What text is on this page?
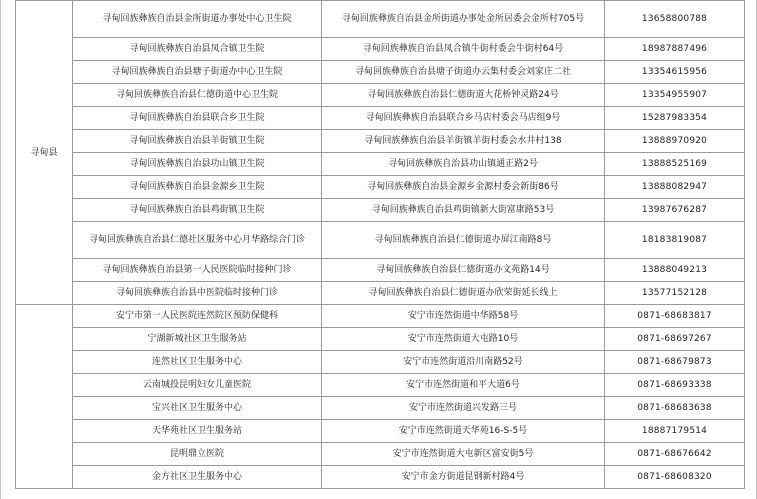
寻甸县	寻甸回族彝族自治县金所街道办事处中心卫生院	寻甸回族彝族自治县金所街道办事处金所居委会金所村705号	13658800788
	寻甸回族彝族自治县凤合镇卫生院	寻甸回族彝族自治县凤合镇牛街村委会牛街村64号	18987887496
	寻甸回族彝族自治县塘子街道办中心卫生院	寻甸回族彝族自治县塘子街道办云集村委会刘家庄二社	13354615956
	寻甸回族彝族自治县仁德街道中心卫生院	寻甸回族彝族自治县仁德街道大花桥钟灵路24号	13354955907
	寻甸回族彝族自治县联合乡卫生院	寻甸回族彝族自治县联合乡马店村委会马店组9号	15287983354
	寻甸回族彝族自治县羊街镇卫生院	寻甸回族彝族自治县羊街镇羊街村委会水井村138	13888970920
	寻甸回族彝族自治县功山镇卫生院	寻甸回族彝族自治县功山镇通正路2号	13888525169
	寻甸回族彝族自治县金源乡卫生院	寻甸回族彝族自治县金源乡金源村委会新街86号	13888082947
	寻甸回族彝族自治县鸡街镇卫生院	寻甸回族彝族自治县鸡街镇新大街富康路53号	13987676287
	寻甸回族彝族自治县仁德社区服务中心月华路综合门诊	寻甸回族彝族自治县仁德街道办屏江南路8号	18183819087
	寻甸回族彝族自治县第一人民医院临时接种门诊	寻甸回族彝族自治县仁德街道办文苑路14号	13888049213
	寻甸回族彝族自治县中医院临时接种门诊	寻甸回族彝族自治县仁德街道办欣荣街延长线上	13577152128
	安宁市第一人民医院连然院区预防保健科	安宁市连然街道中华路58号	0871-68683817
	宁湖新城社区卫生服务站	安宁市连然街道大屯路10号	0871-68697267
	连然社区卫生服务中心	安宁市连然街道沿川南路52号	0871-68679873
	云南城投昆明妇女儿童医院	安宁市连然街道和平大道6号	0871-68693338
	宝兴社区卫生服务中心	安宁市连然街道兴发路三号	0871-68683638
	天华苑社区卫生服务站	安宁市连然街道天华苑16-S-5号	18887179514
	昆明鼎立医院	安宁市连然街道大屯新区富安街5号	0871-68676642
	金方社区卫生服务中心	安宁市金方街道昆钢新村路4号	0871-68608320
